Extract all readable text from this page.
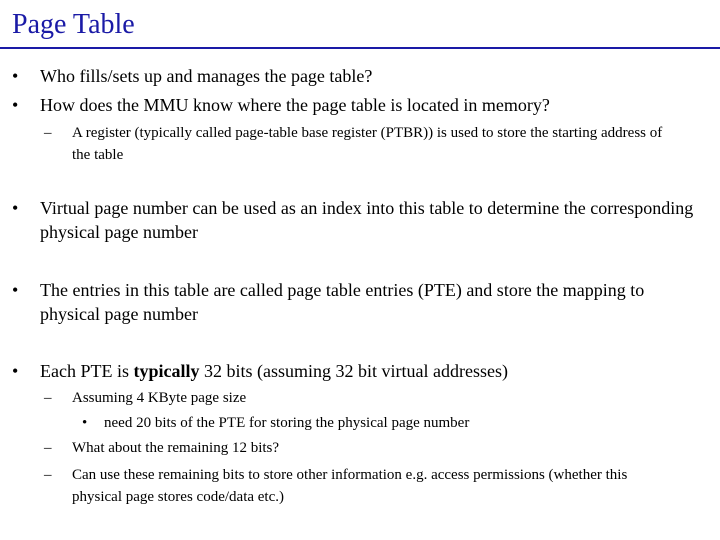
Page Table
• Who fills/sets up and manages the page table?
• How does the MMU know where the page table is located in memory?
– A register (typically called page-table base register (PTBR)) is used to store the starting address of the table
• Virtual page number can be used as an index into this table to determine the corresponding physical page number
• The entries in this table are called page table entries (PTE) and store the mapping to physical page number
• Each PTE is typically 32 bits (assuming 32 bit virtual addresses)
– Assuming 4 KByte page size
• need 20 bits of the PTE for storing the physical page number
– What about the remaining 12 bits?
– Can use these remaining bits to store other information e.g. access permissions (whether this physical page stores code/data etc.)
